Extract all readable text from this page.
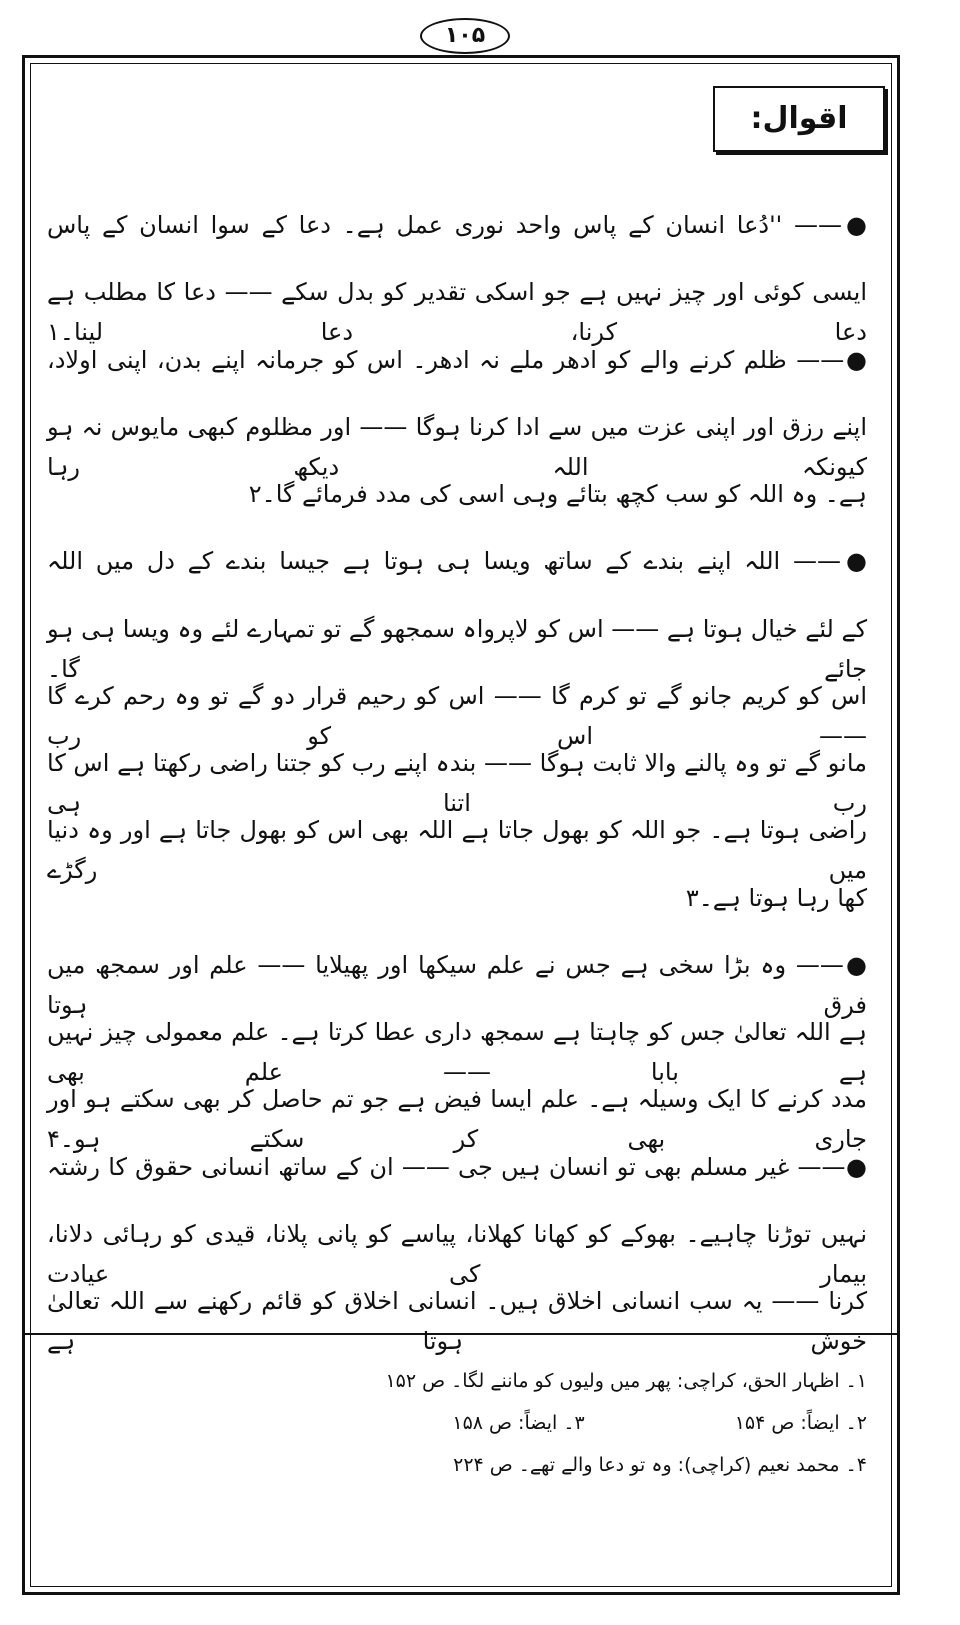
۱۰۵
اقوال:
●—— ''دُعا انسان کے پاس واحد نوری عمل ہے۔ دعا کے سوا انسان کے پاس
ایسی کوئی اور چیز نہیں ہے جو اسکی تقدیر کو بدل سکے —— دعا کا مطلب ہے دعا کرنا، دعا لینا۔۱
●—— ظلم کرنے والے کو ادھر ملے نہ ادھر۔ اس کو جرمانہ اپنے بدن، اپنی اولاد،
اپنے رزق اور اپنی عزت میں سے ادا کرنا ہوگا —— اور مظلوم کبھی مایوس نہ ہو کیونکہ اللہ دیکھ رہا
ہے۔ وہ اللہ کو سب کچھ بتائے وہی اسی کی مدد فرمائے گا۔۲
●—— اللہ اپنے بندے کے ساتھ ویسا ہی ہوتا ہے جیسا بندے کے دل میں اللہ
کے لئے خیال ہوتا ہے —— اس کو لاپرواہ سمجھو گے تو تمہارے لئے وہ ویسا ہی ہو جائے گا۔
اس کو کریم جانو گے تو کرم گا —— اس کو رحیم قرار دو گے تو وہ رحم کرے گا —— اس کو رب
مانو گے تو وہ پالنے والا ثابت ہوگا —— بندہ اپنے رب کو جتنا راضی رکھتا ہے اس کا رب اتنا ہی
راضی ہوتا ہے۔ جو اللہ کو بھول جاتا ہے اللہ بھی اس کو بھول جاتا ہے اور وہ دنیا میں رگڑے
کھا رہا ہوتا ہے۔۳
●—— وہ بڑا سخی ہے جس نے علم سیکھا اور پھیلایا —— علم اور سمجھ میں فرق ہوتا
ہے اللہ تعالیٰ جس کو چاہتا ہے سمجھ داری عطا کرتا ہے۔ علم معمولی چیز نہیں ہے بابا —— علم بھی
مدد کرنے کا ایک وسیلہ ہے۔ علم ایسا فیض ہے جو تم حاصل کر بھی سکتے ہو اور جاری بھی کر سکتے ہو۔۴
●—— غیر مسلم بھی تو انسان ہیں جی —— ان کے ساتھ انسانی حقوق کا رشتہ
نہیں توڑنا چاہیے۔ بھوکے کو کھانا کھلانا، پیاسے کو پانی پلانا، قیدی کو رہائی دلانا، بیمار کی عیادت
کرنا —— یہ سب انسانی اخلاق ہیں۔ انسانی اخلاق کو قائم رکھنے سے اللہ تعالیٰ خوش ہوتا ہے
۱۔ اظہار الحق، کراچی: پھر میں ولیوں کو ماننے لگا۔ ص ۱۵۲
۲۔ ایضاً: ص ۱۵۴۳۔ ایضاً: ص ۱۵۸
۴۔ محمد نعیم (کراچی): وہ تو دعا والے تھے۔ ص ۲۲۴
